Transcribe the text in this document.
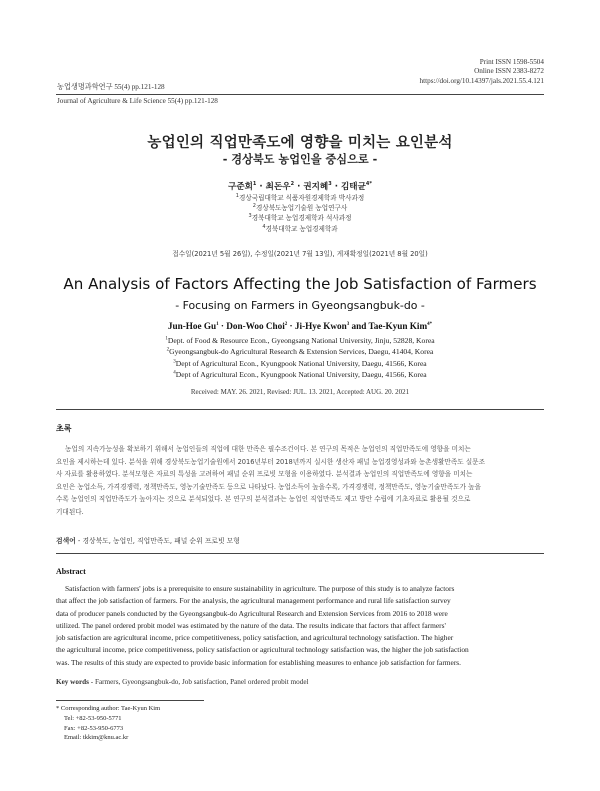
Print ISSN 1598-5504
Online ISSN 2383-8272
https://doi.org/10.14397/jals.2021.55.4.121
농업생명과학연구 55(4) pp.121-128
Journal of Agriculture & Life Science 55(4) pp.121-128
농업인의 직업만족도에 영향을 미치는 요인분석
- 경상북도 농업인을 중심으로 -
구준회$^1$ · 최돈우$^2$ · 권지혜$^3$ · 김태균$^{4*}$
$^1$경상국립대학교 식품자원경제학과 박사과정
$^2$경상북도농업기술원 농업연구사
$^3$경북대학교 농업경제학과 석사과정
$^4$경북대학교 농업경제학과
접수일(2021년 5월 26일), 수정일(2021년 7월 13일), 게재확정일(2021년 8월 20일)
An Analysis of Factors Affecting the Job Satisfaction of Farmers
- Focusing on Farmers in Gyeongsangbuk-do -
Jun-Hoe $Gu^1 \cdot Don-Woo$ Choi$^2$ · Ji-Hye Kwon$^3$ and Tae-Kyun Kim$^{4*}$
$^1$Dept. of Food & Resource Econ., Gyeongsang National University, Jinju, 52828, Korea
$^2$Gyeongsangbuk-do Agricultural Research & Extension Services, Daegu, 41404, Korea
$^3$Dept of Agricultural Econ., Kyungpook National University, Daegu, 41566, Korea
$^4$Dept of Agricultural Econ., Kyungpook National University, Daegu, 41566, Korea
Received: MAY. 26. 2021, Revised: JUL. 13. 2021, Accepted: AUG. 20. 2021
초록

농업의 지속가능성을 확보하기 위해서 농업인들의 직업에 대한 만족은 필수조건이다. 본 연구의 목적은 농업인의 직업만족도에 영향을 미치는

요인을 제시하는데 있다. 분석을 위해 경상북도농업기술원에서 2016년부터 2018년까지 실시한 생산자 패널 농업경영성과와 농촌생활만족도 실문조

사 자료를 활용하였다. 분석모형은 자료의 특성을 고려하여 패널 순위 프로빗 모형을 이용하였다. 분석결과 농업인의 직업만족도에 영향을 미치는

요인은 농업소득, 가격경쟁력, 정책만족도, 영농기술만족도 등으로 나타났다. 농업소득이 높을수록, 가격경쟁력, 정책만족도, 영농기술만족도가 높을

수록 농업인의 직업만족도가 높아지는 것으로 분석되었다. 본 연구의 분석결과는 농업인 직업만족도 제고 방안 수립에 기초자료로 활용될 것으로

기대된다.

검색어 - 경상북도, 농업인, 직업만족도, 패널 순위 프로빗 모형
Abstract

Satisfaction with farmers' jobs is a prerequisite to ensure sustainability in agriculture. The purpose of this study is to analyze factors

that affect the job satisfaction of farmers. For the analysis, the agricultural management performance and rural life satisfaction survey

data of producer panels conducted by the Gyeongsangbuk-do Agricultural Research and Extension Services from 2016 to 2018 were

utilized. The panel ordered probit model was estimated by the nature of the data. The results indicate that factors that affect farmers'

job satisfaction are agricultural income, price competitiveness, policy satisfaction, and agricultural technology satisfaction. The higher

the agricultural income, price competitiveness, policy satisfaction or agricultural technology satisfaction was, the higher the job satisfaction

was. The results of this study are expected to provide basic information for establishing measures to enhance job satisfaction for farmers.

Key words - Farmers, Gyeongsangbuk-do, Job satisfaction, Panel ordered probit model
* Corresponding author: Tae-Kyun Kim
Tel: +82-53-950-5771
Fax: +82-53-950-6773
Email: tkkim@knu.ac.kr
